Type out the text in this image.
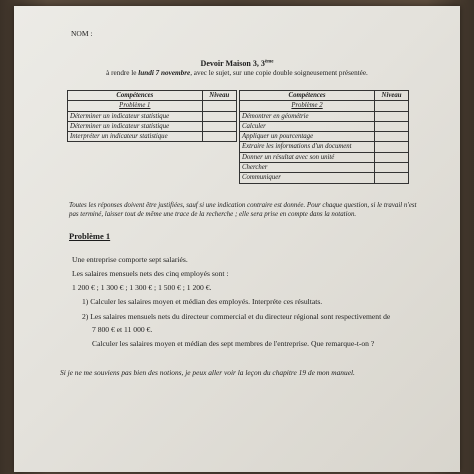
NOM :
Devoir Maison 3, 3ème
à rendre le lundi 7 novembre, avec le sujet, sur une copie double soigneusement présentée.
Compétences	Niveau
Problème 1	
Déterminer un indicateur statistique	
Déterminer un indicateur statistique	
Interpréter un indicateur statistique	
Compétences	Niveau
Problème 2	
Démontrer en géométrie	
Calculer	
Appliquer un pourcentage	
Extraire les informations d'un document	
Donner un résultat avec son unité	
Chercher	
Communiquer	
Toutes les réponses doivent être justifiées, sauf si une indication contraire est donnée. Pour chaque question, si le travail n'est pas terminé, laisser tout de même une trace de la recherche ; elle sera prise en compte dans la notation.
Problème 1
Une entreprise comporte sept salariés.
Les salaires mensuels nets des cinq employés sont :
1 200 € ; 1 300 € ; 1 300 € ; 1 500 € ; 1 200 €.
1) Calculer les salaires moyen et médian des employés. Interpréte ces résultats.
2) Les salaires mensuels nets du directeur commercial et du directeur régional sont respectivement de
7 800 € et 11 000 €.
Calculer les salaires moyen et médian des sept membres de l'entreprise. Que remarque-t-on ?
Si je ne me souviens pas bien des notions, je peux aller voir la leçon du chapitre 19 de mon manuel.
